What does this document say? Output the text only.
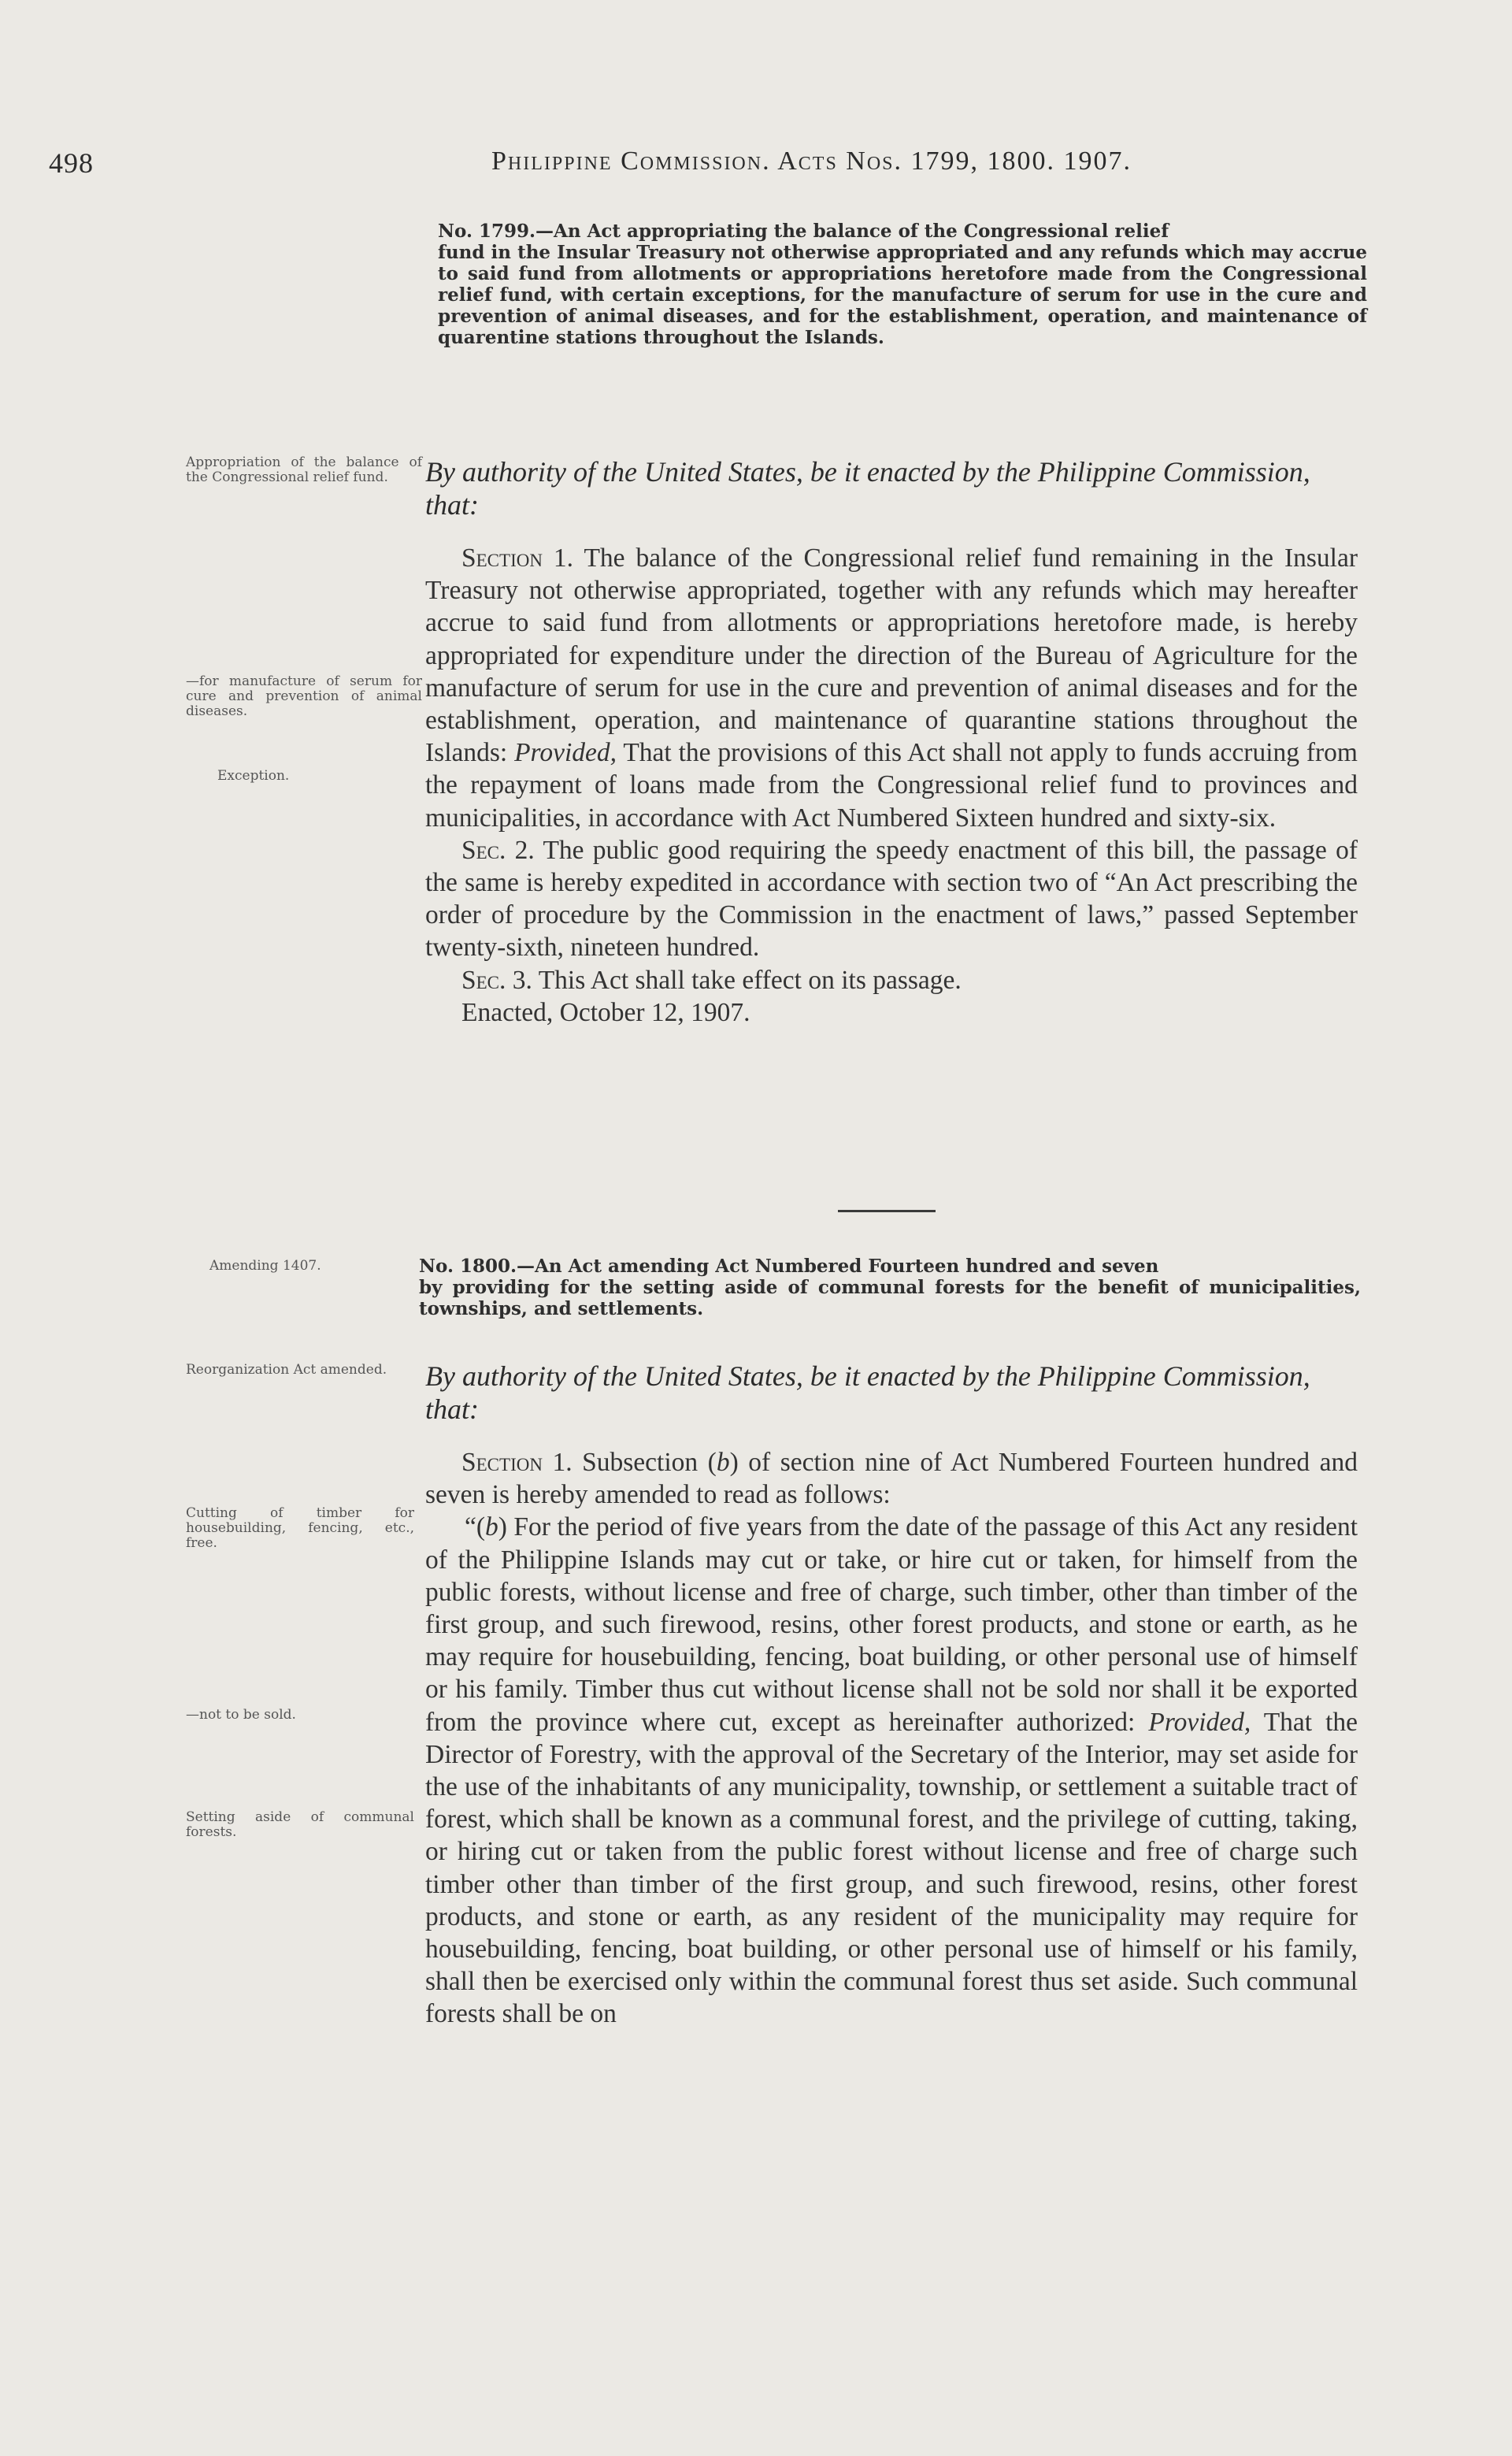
498	Philippine Commission. Acts Nos. 1799, 1800. 1907.
No. 1799.—An Act appropriating the balance of the Congressional relief
fund in the Insular Treasury not otherwise appropriated and any refunds which may accrue to said fund from allotments or appropriations heretofore made from the Congressional relief fund, with certain exceptions, for the manufacture of serum for use in the cure and prevention of animal diseases, and for the establishment, operation, and maintenance of quarentine stations throughout the Islands.
Appropriation of the balance of the Congressional relief fund.
—for manufacture of serum for cure and prevention of animal diseases.
Exception.
By authority of the United States, be it enacted by the Philippine Commission, that:

Section 1. The balance of the Congressional relief fund remaining in the Insular Treasury not otherwise appropriated, together with any refunds which may hereafter accrue to said fund from allotments or appropriations heretofore made, is hereby appropriated for expenditure under the direction of the Bureau of Agriculture for the manufacture of serum for use in the cure and prevention of animal diseases and for the establishment, operation, and maintenance of quarantine stations throughout the Islands: Provided, That the provisions of this Act shall not apply to funds accruing from the repayment of loans made from the Congressional relief fund to provinces and municipalities, in accordance with Act Numbered Sixteen hundred and sixty-six.

Sec. 2. The public good requiring the speedy enactment of this bill, the passage of the same is hereby expedited in accordance with section two of “An Act prescribing the order of procedure by the Commission in the enactment of laws,” passed September twenty-sixth, nineteen hundred.

Sec. 3. This Act shall take effect on its passage.

Enacted, October 12, 1907.

Amending 1407.	No. 1800.—An Act amending Act Numbered Fourteen hundred and seven
by providing for the setting aside of communal forests for the benefit of municipalities, townships, and settlements.
Reorganization Act amended.
Cutting of timber for housebuilding, fencing, etc., free.
—not to be sold.
Setting aside of communal forests.
By authority of the United States, be it enacted by the Philippine Commission, that:

Section 1. Subsection (b) of section nine of Act Numbered Fourteen hundred and seven is hereby amended to read as follows:

“(b) For the period of five years from the date of the passage of this Act any resident of the Philippine Islands may cut or take, or hire cut or taken, for himself from the public forests, without license and free of charge, such timber, other than timber of the first group, and such firewood, resins, other forest products, and stone or earth, as he may require for housebuilding, fencing, boat building, or other personal use of himself or his family. Timber thus cut without license shall not be sold nor shall it be exported from the province where cut, except as hereinafter authorized: Provided, That the Director of Forestry, with the approval of the Secretary of the Interior, may set aside for the use of the inhabitants of any municipality, township, or settlement a suitable tract of forest, which shall be known as a communal forest, and the privilege of cutting, taking, or hiring cut or taken from the public forest without license and free of charge such timber other than timber of the first group, and such firewood, resins, other forest products, and stone or earth, as any resident of the municipality may require for housebuilding, fencing, boat building, or other personal use of himself or his family, shall then be exercised only within the communal forest thus set aside. Such communal forests shall be on
